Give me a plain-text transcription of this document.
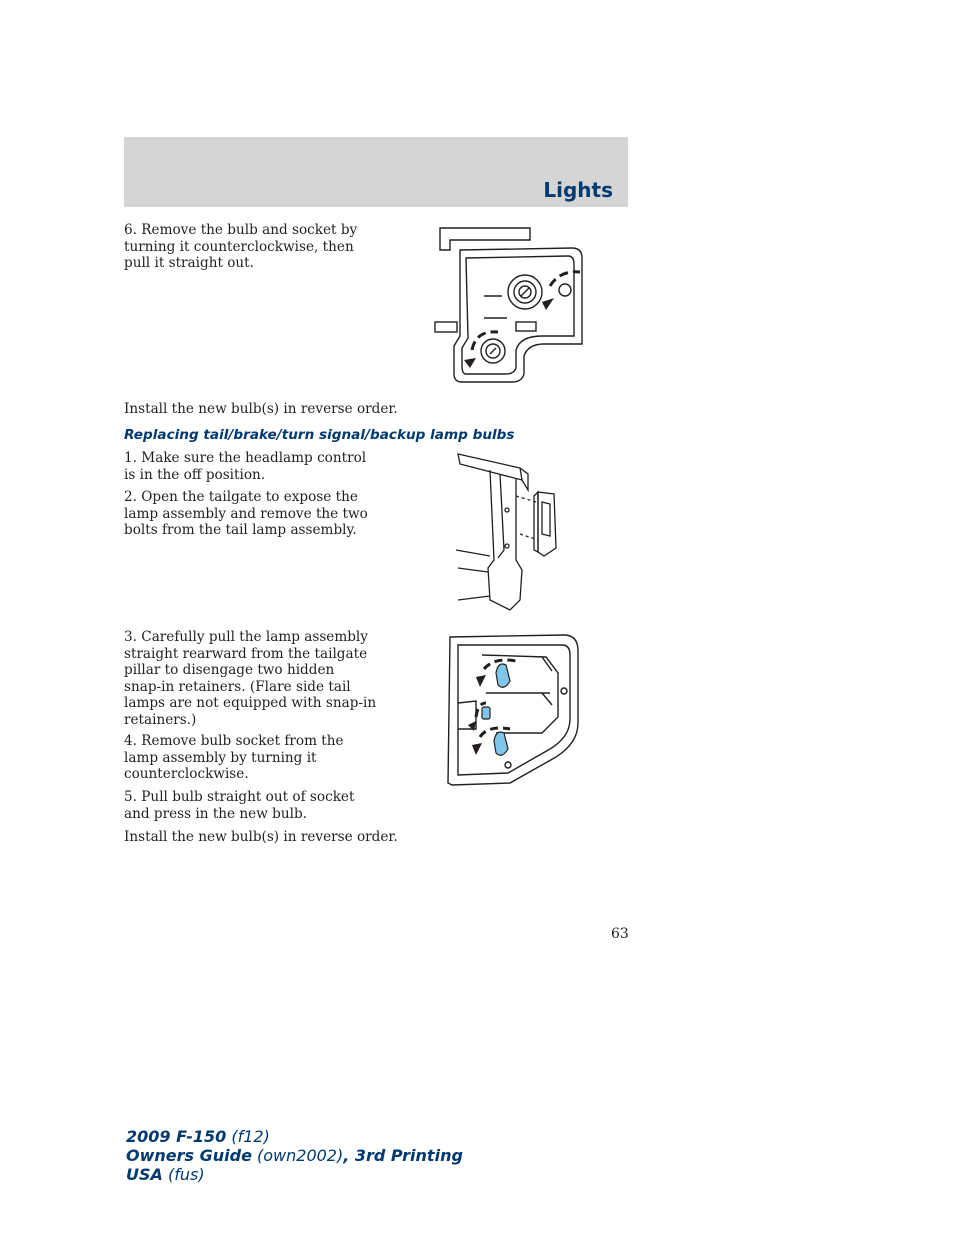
Lights
6. Remove the bulb and socket by
turning it counterclockwise, then
pull it straight out.
Install the new bulb(s) in reverse order.
Replacing tail/brake/turn signal/backup lamp bulbs
1. Make sure the headlamp control
is in the off position.
2. Open the tailgate to expose the
lamp assembly and remove the two
bolts from the tail lamp assembly.
3. Carefully pull the lamp assembly
straight rearward from the tailgate
pillar to disengage two hidden
snap-in retainers. (Flare side tail
lamps are not equipped with snap-in
retainers.)
4. Remove bulb socket from the
lamp assembly by turning it
counterclockwise.
5. Pull bulb straight out of socket
and press in the new bulb.
Install the new bulb(s) in reverse order.
63
2009 F-150 (f12)
Owners Guide (own2002), 3rd Printing
USA (fus)
